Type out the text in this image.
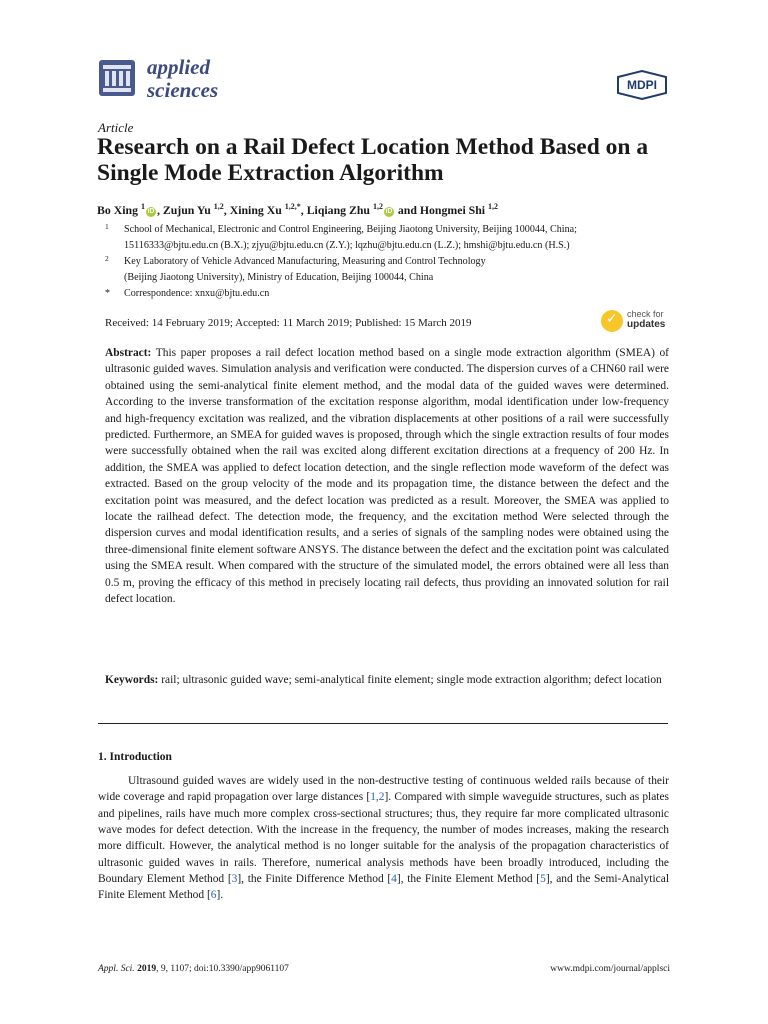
applied
sciences	MDPI
Article
Research on a Rail Defect Location Method Based on a Single Mode Extraction Algorithm
Bo Xing $^1$iD , Zujun Yu $^{1,2}$, Xining Xu $^{1,2,*}$, Liqiang Zhu $^{1,2}$iD and Hongmei Shi $^{1,2}$
1 School of Mechanical, Electronic and Control Engineering, Beijing Jiaotong University, Beijing 100044, China;
15116333@bjtu.edu.cn (B.X.); zjyu@bjtu.edu.cn (Z.Y.); lqzhu@bjtu.edu.cn (L.Z.); hmshi@bjtu.edu.cn (H.S.)
2 Key Laboratory of Vehicle Advanced Manufacturing, Measuring and Control Technology
(Beijing Jiaotong University), Ministry of Education, Beijing 100044, China
* Correspondence: xnxu@bjtu.edu.cn
✓ check for
updates
Received: 14 February 2019; Accepted: 11 March 2019; Published: 15 March 2019
Abstract: This paper proposes a rail defect location method based on a single mode extraction algorithm (SMEA) of ultrasonic guided waves. Simulation analysis and verification were conducted. The dispersion curves of a CHN60 rail were obtained using the semi-analytical finite element method, and the modal data of the guided waves were determined. According to the inverse transformation of the excitation response algorithm, modal identification under low-frequency and high-frequency excitation was realized, and the vibration displacements at other positions of a rail were successfully predicted. Furthermore, an SMEA for guided waves is proposed, through which the single extraction results of four modes were successfully obtained when the rail was excited along different excitation directions at a frequency of 200 Hz. In addition, the SMEA was applied to defect location detection, and the single reflection mode waveform of the defect was extracted. Based on the group velocity of the mode and its propagation time, the distance between the defect and the excitation point was measured, and the defect location was predicted as a result. Moreover, the SMEA was applied to locate the railhead defect. The detection mode, the frequency, and the excitation method Were selected through the dispersion curves and modal identification results, and a series of signals of the sampling nodes were obtained using the three-dimensional finite element software ANSYS. The distance between the defect and the excitation point was calculated using the SMEA result. When compared with the structure of the simulated model, the errors obtained were all less than 0.5 m, proving the efficacy of this method in precisely locating rail defects, thus providing an innovated solution for rail defect location.
Keywords: rail; ultrasonic guided wave; semi-analytical finite element; single mode extraction algorithm; defect location
1. Introduction

Ultrasound guided waves are widely used in the non-destructive testing of continuous welded rails because of their wide coverage and rapid propagation over large distances [1,2]. Compared with simple waveguide structures, such as plates and pipelines, rails have much more complex cross-sectional structures; thus, they require far more complicated ultrasonic wave modes for defect detection. With the increase in the frequency, the number of modes increases, making the research more difficult. However, the analytical method is no longer suitable for the analysis of the propagation characteristics of ultrasonic guided waves in rails. Therefore, numerical analysis methods have been broadly introduced, including the Boundary Element Method [3], the Finite Difference Method [4], the Finite Element Method [5], and the Semi-Analytical Finite Element Method [6].

Appl. Sci. 2019, 9, 1107; doi:10.3390/app9061107	www.mdpi.com/journal/applsci
